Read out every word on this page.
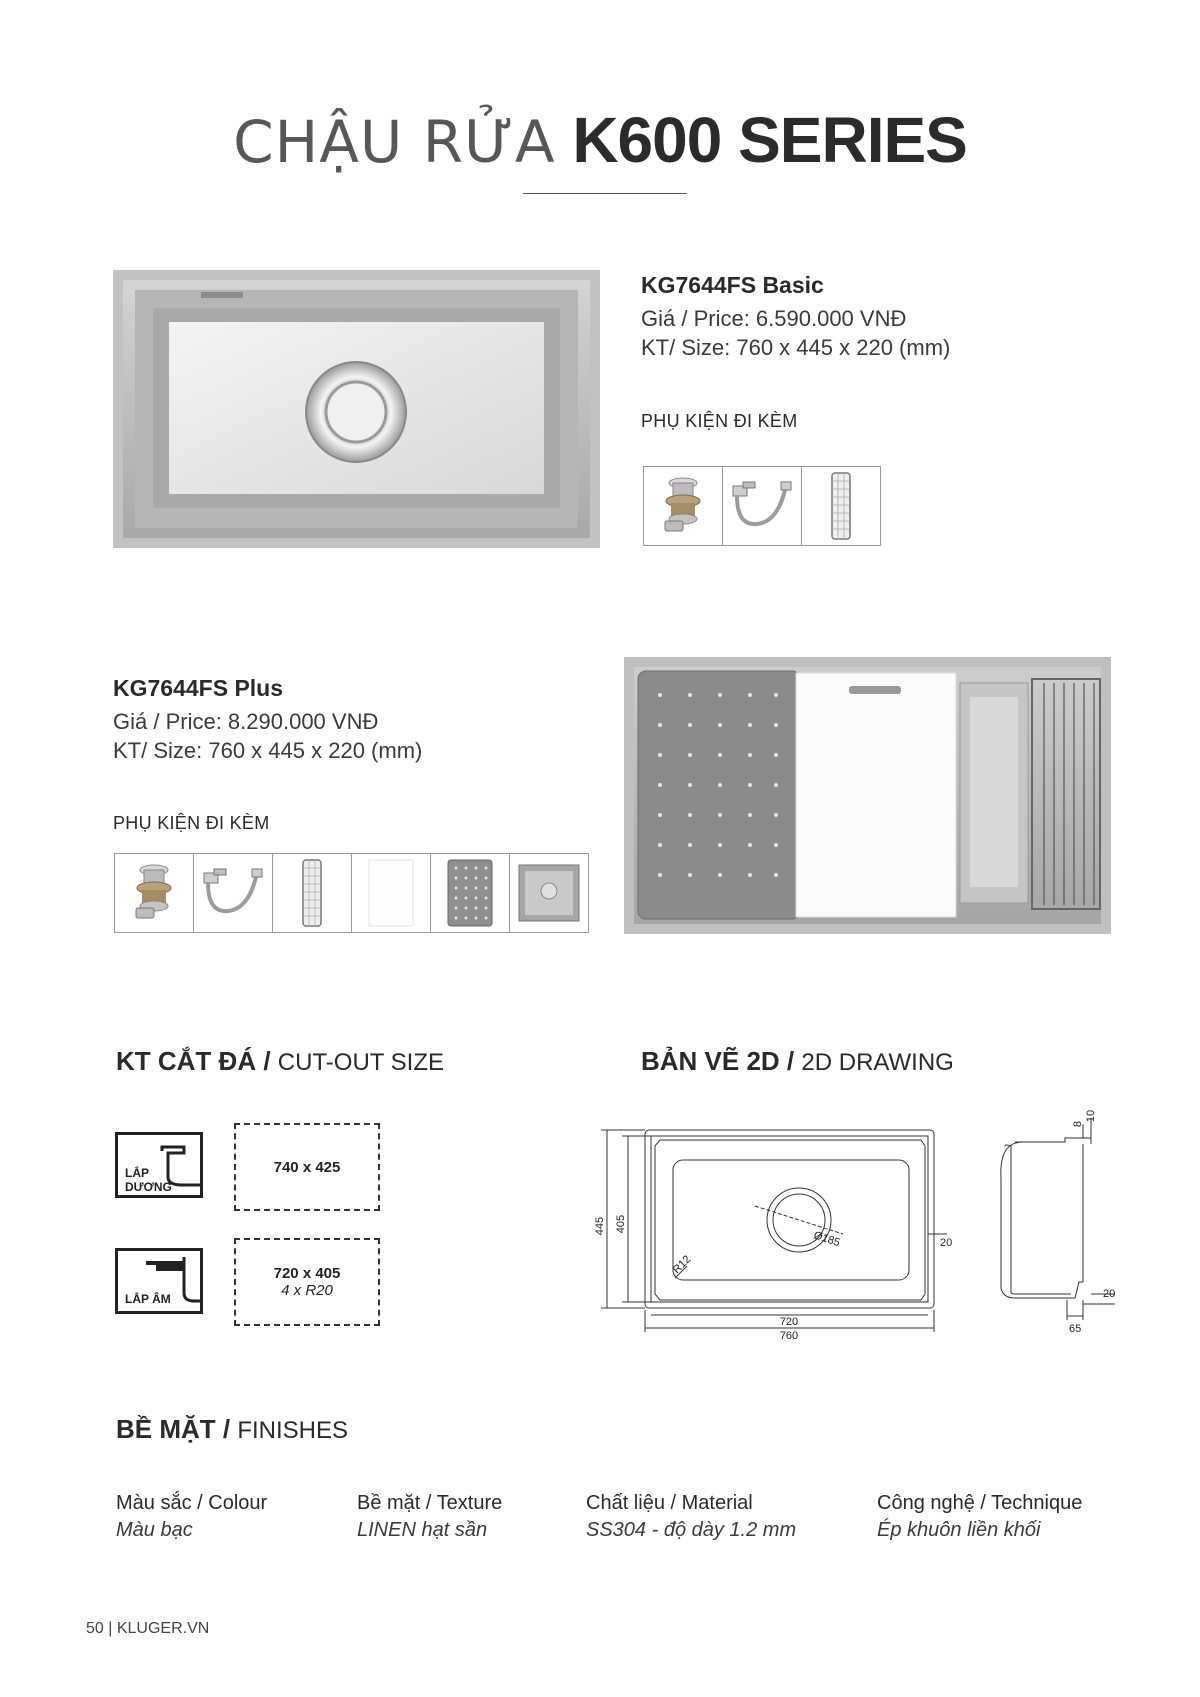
CHẬU RỬA K600 SERIES
KG7644FS Basic
Giá / Price: 6.590.000 VNĐ
KT/ Size: 760 x 445 x 220 (mm)
PHỤ KIỆN ĐI KÈM
KG7644FS Plus
Giá / Price: 8.290.000 VNĐ
KT/ Size: 760 x 445 x 220 (mm)
PHỤ KIỆN ĐI KÈM
KT CẮT ĐÁ / CUT-OUT SIZE
LẮP
DƯƠNG
740 x 425
LẮP ÂM
720 x 405
4 x R20
BẢN VẼ 2D / 2D DRAWING
445 405
Ø185
R12
20
720
760
8
10
20
65
BỀ MẶT / FINISHES
Màu sắc / Colour
Màu bạc
Bề mặt / Texture
LINEN hạt sần
Chất liệu / Material
SS304 - độ dày 1.2 mm
Công nghệ / Technique
Ép khuôn liền khối
50 | KLUGER.VN
